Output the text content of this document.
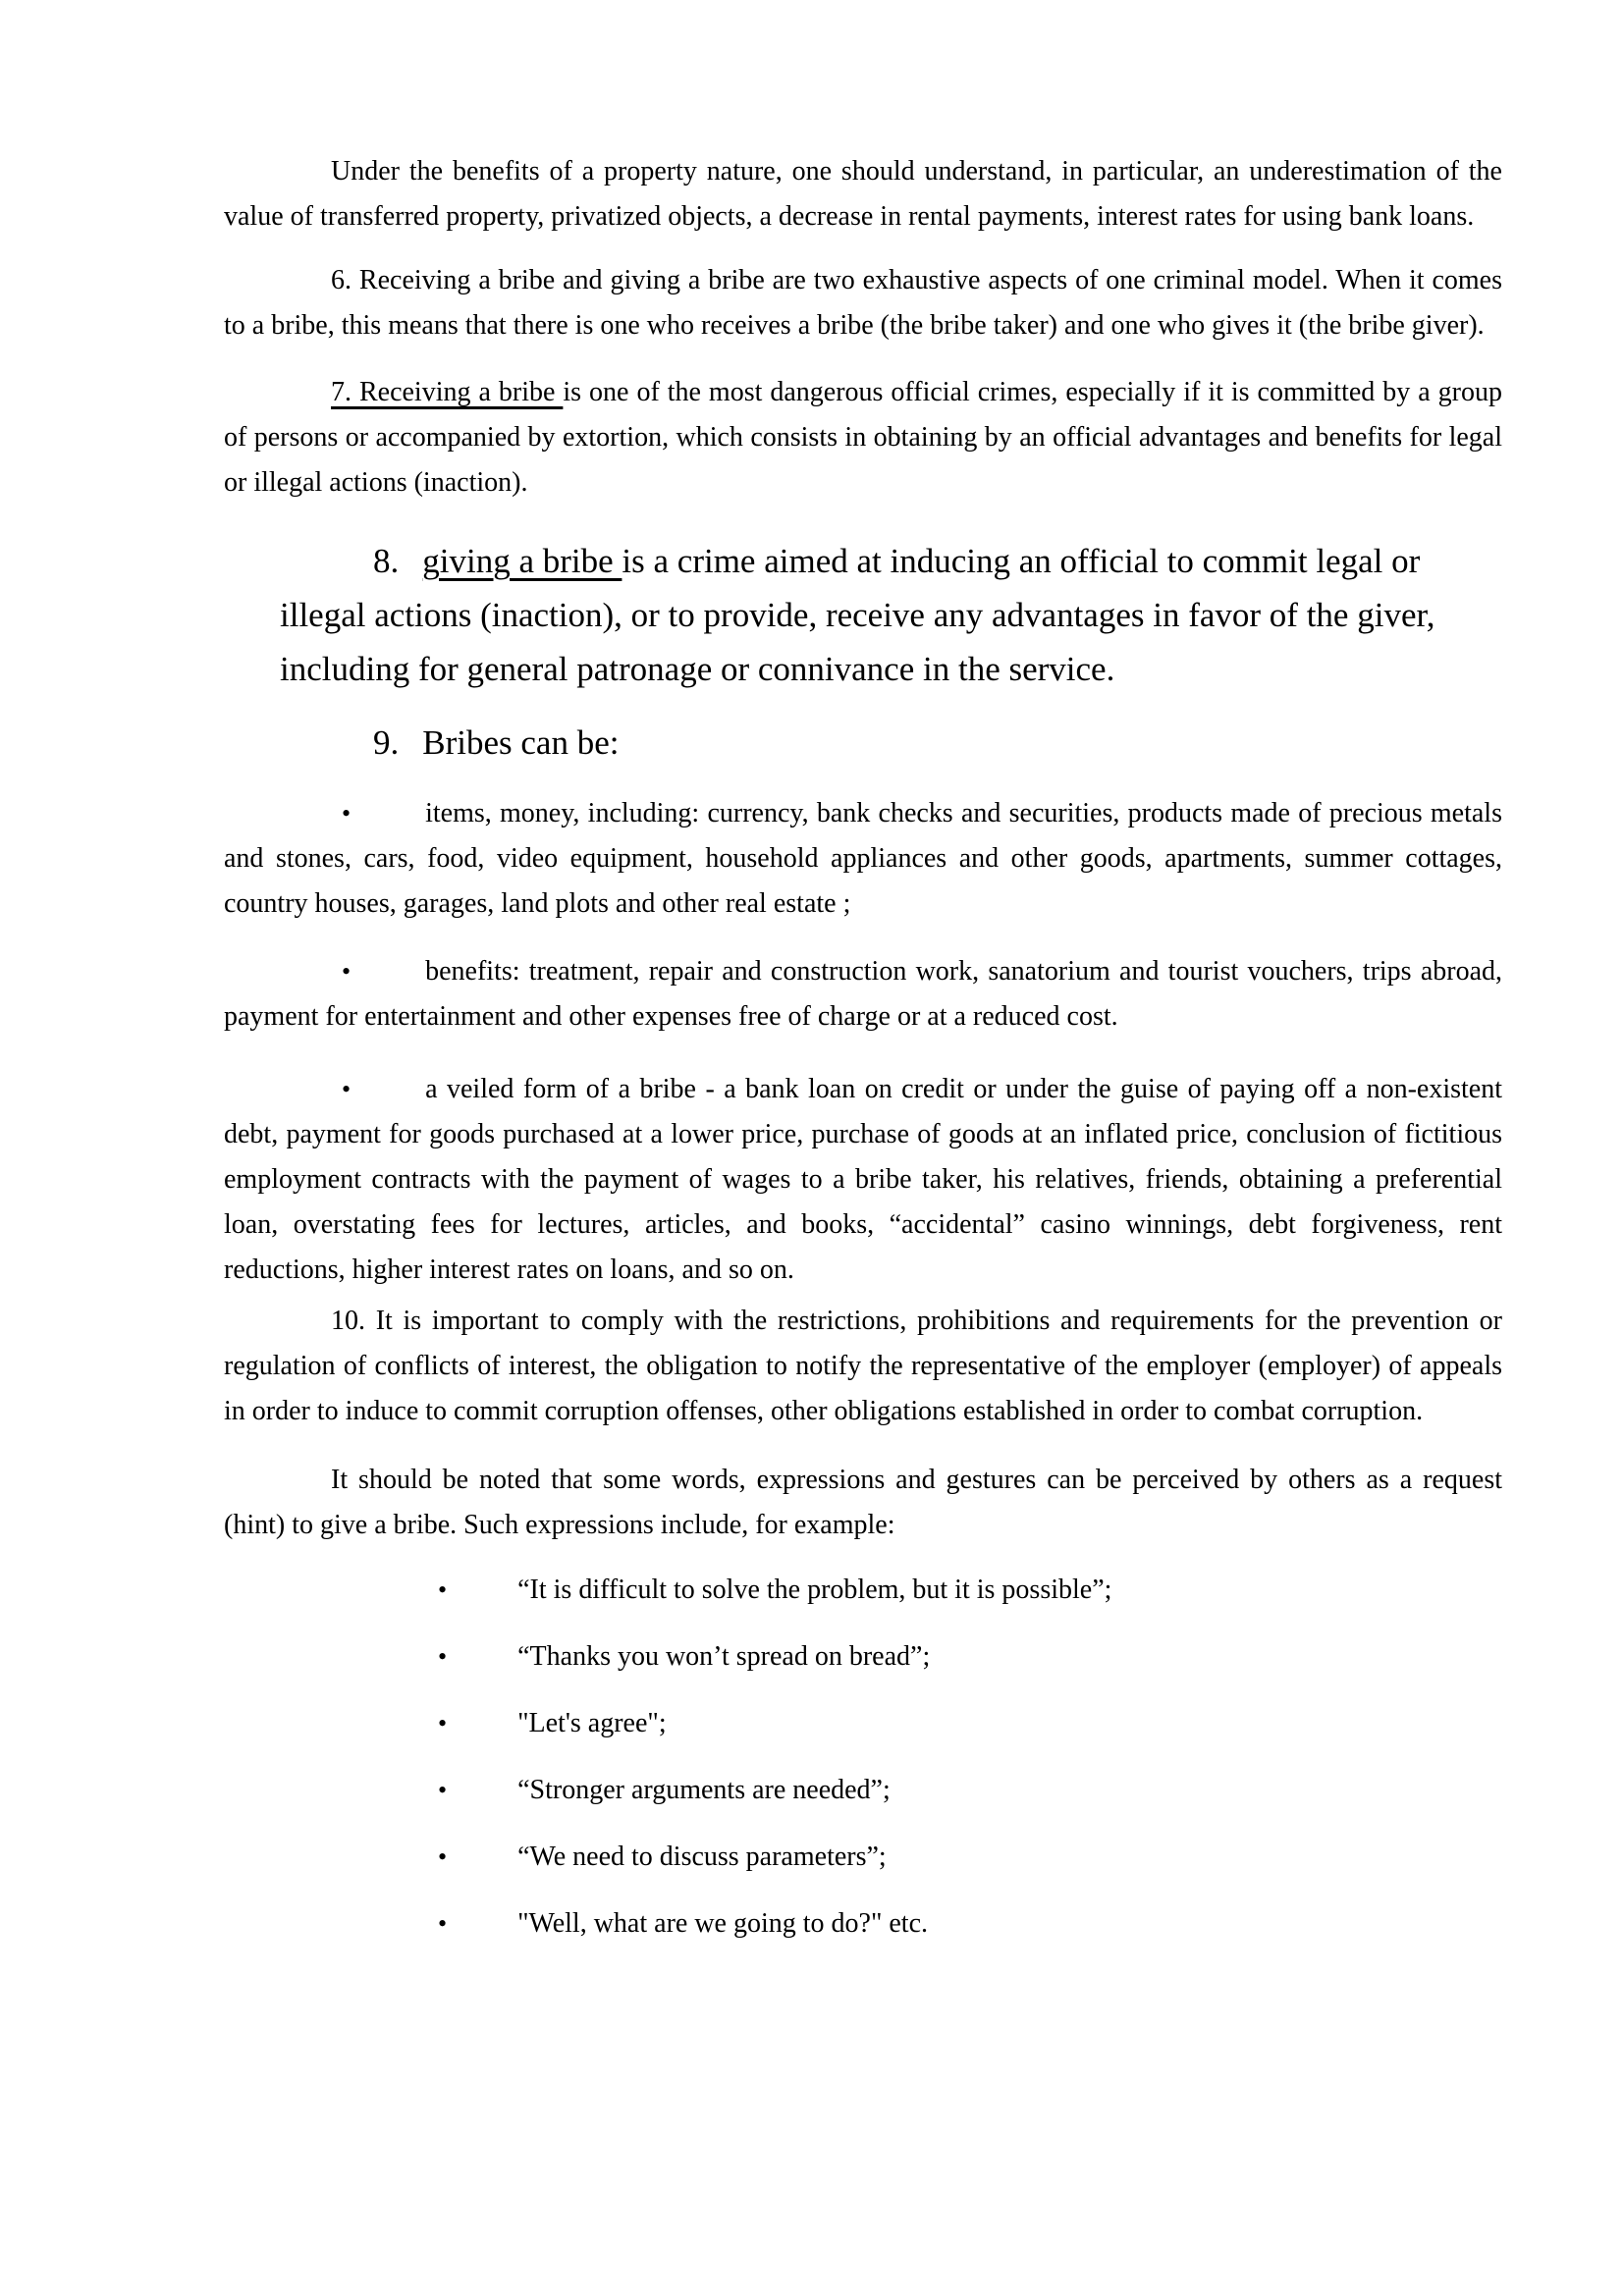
Under the benefits of a property nature, one should understand, in particular, an underestimation of the value of transferred property, privatized objects, a decrease in rental payments, interest rates for using bank loans.

6. Receiving a bribe and giving a bribe are two exhaustive aspects of one criminal model. When it comes to a bribe, this means that there is one who receives a bribe (the bribe taker) and one who gives it (the bribe giver).

7. Receiving a bribe is one of the most dangerous official crimes, especially if it is committed by a group of persons or accompanied by extortion, which consists in obtaining by an official advantages and benefits for legal or illegal actions (inaction).

8. giving a bribe is a crime aimed at inducing an official to commit legal or illegal actions (inaction), or to provide, receive any advantages in favor of the giver, including for general patronage or connivance in the service.

9. Bribes can be:

•	items, money, including: currency, bank checks and securities, products made of precious metals and stones, cars, food, video equipment, household appliances and other goods, apartments, summer cottages, country houses, garages, land plots and other real estate ;

•	benefits: treatment, repair and construction work, sanatorium and tourist vouchers, trips abroad, payment for entertainment and other expenses free of charge or at a reduced cost.

•	a veiled form of a bribe - a bank loan on credit or under the guise of paying off a non-existent debt, payment for goods purchased at a lower price, purchase of goods at an inflated price, conclusion of fictitious employment contracts with the payment of wages to a bribe taker, his relatives, friends, obtaining a preferential loan, overstating fees for lectures, articles, and books, “accidental” casino winnings, debt forgiveness, rent reductions, higher interest rates on loans, and so on.

10. It is important to comply with the restrictions, prohibitions and requirements for the prevention or regulation of conflicts of interest, the obligation to notify the representative of the employer (employer) of appeals in order to induce to commit corruption offenses, other obligations established in order to combat corruption.

It should be noted that some words, expressions and gestures can be perceived by others as a request (hint) to give a bribe. Such expressions include, for example:

•	“It is difficult to solve the problem, but it is possible”;

•	“Thanks you won’t spread on bread”;

•	"Let's agree";

•	“Stronger arguments are needed”;

•	“We need to discuss parameters”;

•	"Well, what are we going to do?" etc.
